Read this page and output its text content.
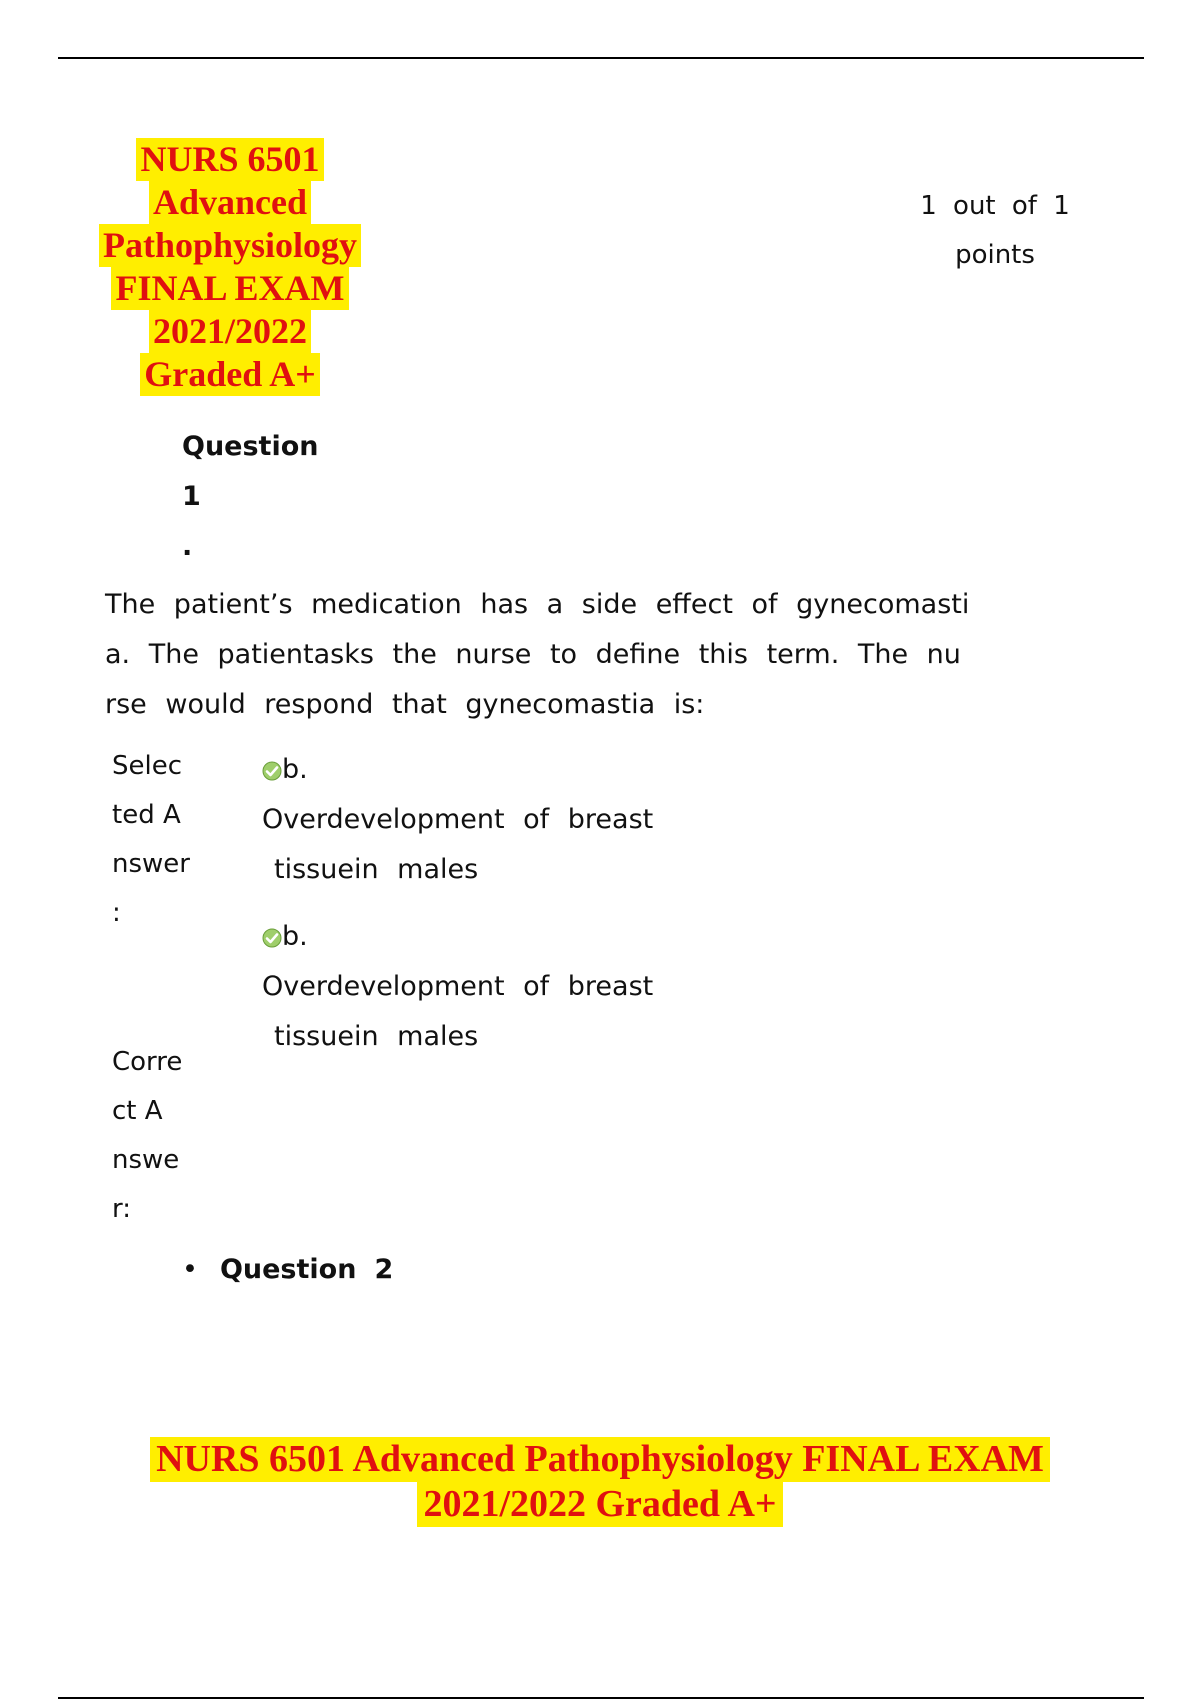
NURS 6501
Advanced
Pathophysiology
FINAL EXAM
2021/2022
Graded A+
1 out of 1
points
Question
1
.
The patient’s medication has a side effect of gynecomasti
a. The patientasks the nurse to define this term. The nu
rse would respond that gynecomastia is:
Selec
ted A
nswer
:
b.
Overdevelopment of breast
tissuein males
b.
Overdevelopment of breast
tissuein males
Corre
ct A
nswe
r:
• Question 2
NURS 6501 Advanced Pathophysiology FINAL EXAM
2021/2022 Graded A+
